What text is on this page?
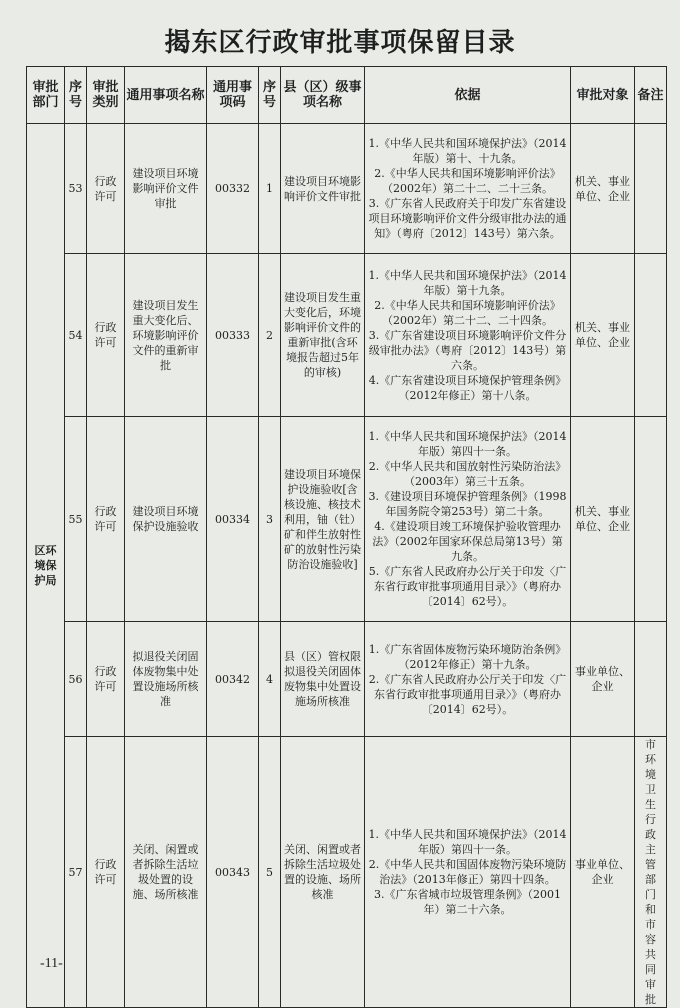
揭东区行政审批事项保留目录
审批部门	序号	审批类别	通用事项名称	通用事项码	序号	县（区）级事项名称	依据	审批对象	备注
区环境保护局	53	行政许可	建设项目环境影响评价文件审批	00332	1	建设项目环境影响评价文件审批	1.《中华人民共和国环境保护法》（2014年版）第十、十九条。
2.《中华人民共和国环境影响评价法》（2002年）第二十二、二十三条。
3.《广东省人民政府关于印发广东省建设项目环境影响评价文件分级审批办法的通知》（粤府〔2012〕143号）第六条。	机关、事业单位、企业	
	54	行政许可	建设项目发生重大变化后、环境影响评价文件的重新审批	00333	2	建设项目发生重大变化后，环境影响评价文件的重新审批(含环境报告超过5年的审核)	1.《中华人民共和国环境保护法》（2014年版）第十九条。
2.《中华人民共和国环境影响评价法》（2002年）第二十二、二十四条。
3.《广东省建设项目环境影响评价文件分级审批办法》（粤府〔2012〕143号）第六条。
4.《广东省建设项目环境保护管理条例》（2012年修正）第十八条。	机关、事业单位、企业	
	55	行政许可	建设项目环境保护设施验收	00334	3	建设项目环境保护设施验收[含核设施、核技术利用，铀（钍）矿和伴生放射性矿的放射性污染防治设施验收]	1.《中华人民共和国环境保护法》（2014年版）第四十一条。
2.《中华人民共和国放射性污染防治法》（2003年）第三十五条。
3.《建设项目环境保护管理条例》（1998年国务院令第253号）第二十条。
4.《建设项目竣工环境保护验收管理办法》（2002年国家环保总局第13号）第九条。
5.《广东省人民政府办公厅关于印发〈广东省行政审批事项通用目录〉》（粤府办〔2014〕62号）。	机关、事业单位、企业	
	56	行政许可	拟退役关闭固体废物集中处置设施场所核准	00342	4	县（区）管权限拟退役关闭固体废物集中处置设施场所核准	1.《广东省固体废物污染环境防治条例》（2012年修正）第十九条。
2.《广东省人民政府办公厅关于印发〈广东省行政审批事项通用目录〉》（粤府办〔2014〕62号）。	事业单位、企业	
	57	行政许可	关闭、闲置或者拆除生活垃圾处置的设施、场所核准	00343	5	关闭、闲置或者拆除生活垃圾处置的设施、场所核准	1.《中华人民共和国环境保护法》（2014年版）第四十一条。
2.《中华人民共和国固体废物污染环境防治法》（2013年修正）第四十四条。
3.《广东省城市垃圾管理条例》（2001年）第二十六条。	事业单位、企业	市环境卫生行政主管部门和市容共同审批
-11-
